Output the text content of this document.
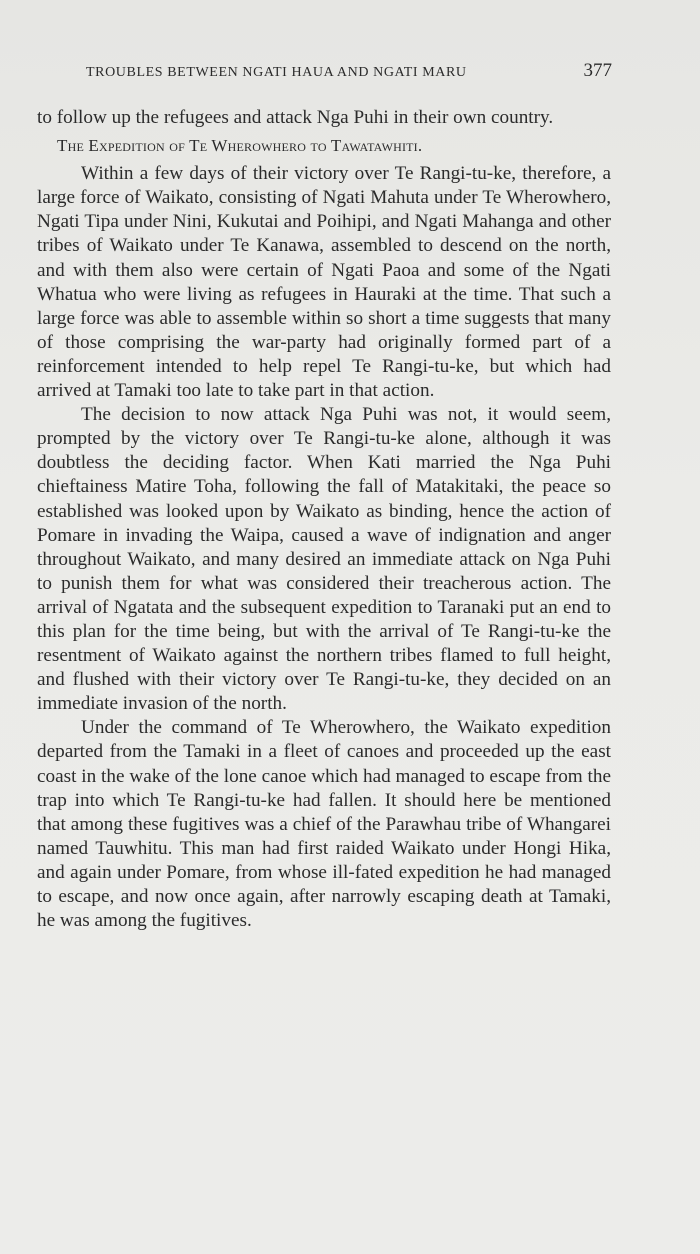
TROUBLES BETWEEN NGATI HAUA AND NGATI MARU	377

to follow up the refugees and attack Nga Puhi in their own country.

The Expedition of Te Wherowhero to Tawatawhiti.

Within a few days of their victory over Te Rangi-tu-ke, therefore, a large force of Waikato, consisting of Ngati Mahuta under Te Wherowhero, Ngati Tipa under Nini, Kukutai and Poihipi, and Ngati Mahanga and other tribes of Waikato under Te Kanawa, assembled to descend on the north, and with them also were certain of Ngati Paoa and some of the Ngati Whatua who were living as refugees in Hauraki at the time. That such a large force was able to assemble within so short a time suggests that many of those comprising the war-party had originally formed part of a reinforcement intended to help repel Te Rangi-tu-ke, but which had arrived at Tamaki too late to take part in that action.

The decision to now attack Nga Puhi was not, it would seem, prompted by the victory over Te Rangi-tu-ke alone, although it was doubtless the deciding factor. When Kati married the Nga Puhi chieftainess Matire Toha, following the fall of Matakitaki, the peace so established was looked upon by Waikato as binding, hence the action of Pomare in invading the Waipa, caused a wave of indignation and anger throughout Waikato, and many desired an immediate attack on Nga Puhi to punish them for what was considered their treacherous action. The arrival of Ngatata and the subsequent expedition to Taranaki put an end to this plan for the time being, but with the arrival of Te Rangi-tu-ke the resentment of Waikato against the northern tribes flamed to full height, and flushed with their victory over Te Rangi-tu-ke, they decided on an immediate invasion of the north.

Under the command of Te Wherowhero, the Waikato expedition departed from the Tamaki in a fleet of canoes and proceeded up the east coast in the wake of the lone canoe which had managed to escape from the trap into which Te Rangi-tu-ke had fallen. It should here be mentioned that among these fugitives was a chief of the Parawhau tribe of Whangarei named Tauwhitu. This man had first raided Waikato under Hongi Hika, and again under Pomare, from whose ill-fated expedition he had managed to escape, and now once again, after narrowly escaping death at Tamaki, he was among the fugitives.
